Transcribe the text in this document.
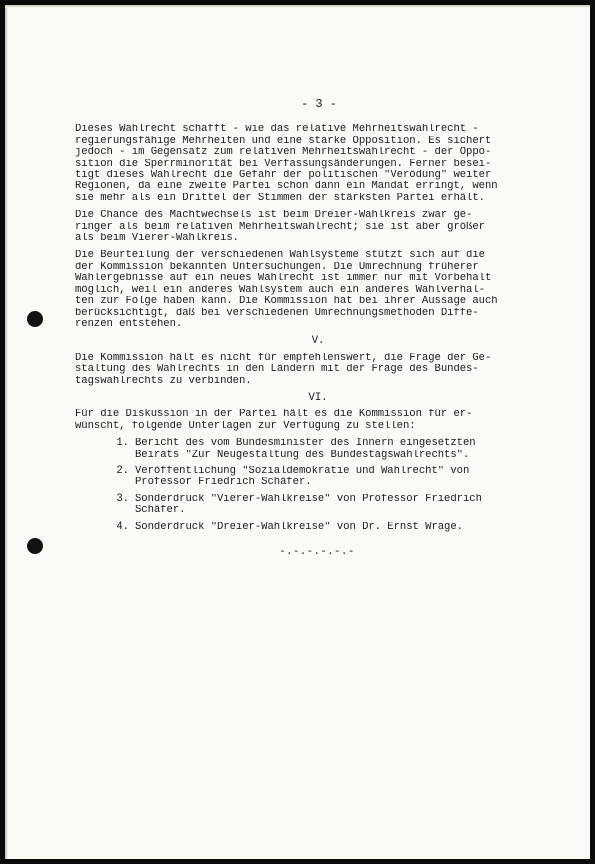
- 3 -
Dieses Wahlrecht schafft - wie das relative Mehrheitswahlrecht -
regierungsfähige Mehrheiten und eine starke Opposition. Es sichert
jedoch - im Gegensatz zum relativen Mehrheitswahlrecht - der Oppo-
sition die Sperrminorität bei Verfassungsänderungen. Ferner besei-
tigt dieses Wahlrecht die Gefahr der politischen "Verödung" weiter
Regionen, da eine zweite Partei schon dann ein Mandat erringt, wenn
sie mehr als ein Drittel der Stimmen der stärksten Partei erhält.
Die Chance des Machtwechsels ist beim Dreier-Wahlkreis zwar ge-
ringer als beim relativen Mehrheitswahlrecht; sie ist aber größer
als beim Vierer-Wahlkreis.
Die Beurteilung der verschiedenen Wahlsysteme stützt sich auf die
der Kommission bekannten Untersuchungen. Die Umrechnung früherer
Wahlergebnisse auf ein neues Wahlrecht ist immer nur mit Vorbehalt
möglich, weil ein anderes Wahlsystem auch ein anderes Wahlverhal-
ten zur Folge haben kann. Die Kommission hat bei ihrer Aussage auch
berücksichtigt, daß bei verschiedenen Umrechnungsmethoden Diffe-
renzen entstehen.
V.
Die Kommission hält es nicht für empfehlenswert, die Frage der Ge-
staltung des Wahlrechts in den Ländern mit der Frage des Bundes-
tagswahlrechts zu verbinden.
VI.
Für die Diskussion in der Partei hält es die Kommission für er-
wünscht, folgende Unterlagen zur Verfügung zu stellen:
1. Bericht des vom Bundesminister des Innern eingesetzten
Beirats "Zur Neugestaltung des Bundestagswahlrechts".
2. Veröffentlichung "Sozialdemokratie und Wahlrecht" von
Professor Friedrich Schäfer.
3. Sonderdruck "Vierer-Wahlkreise" von Professor Friedrich
Schäfer.
4. Sonderdruck "Dreier-Wahlkreise" von Dr. Ernst Wrage.
-.-.-.-.-.-
